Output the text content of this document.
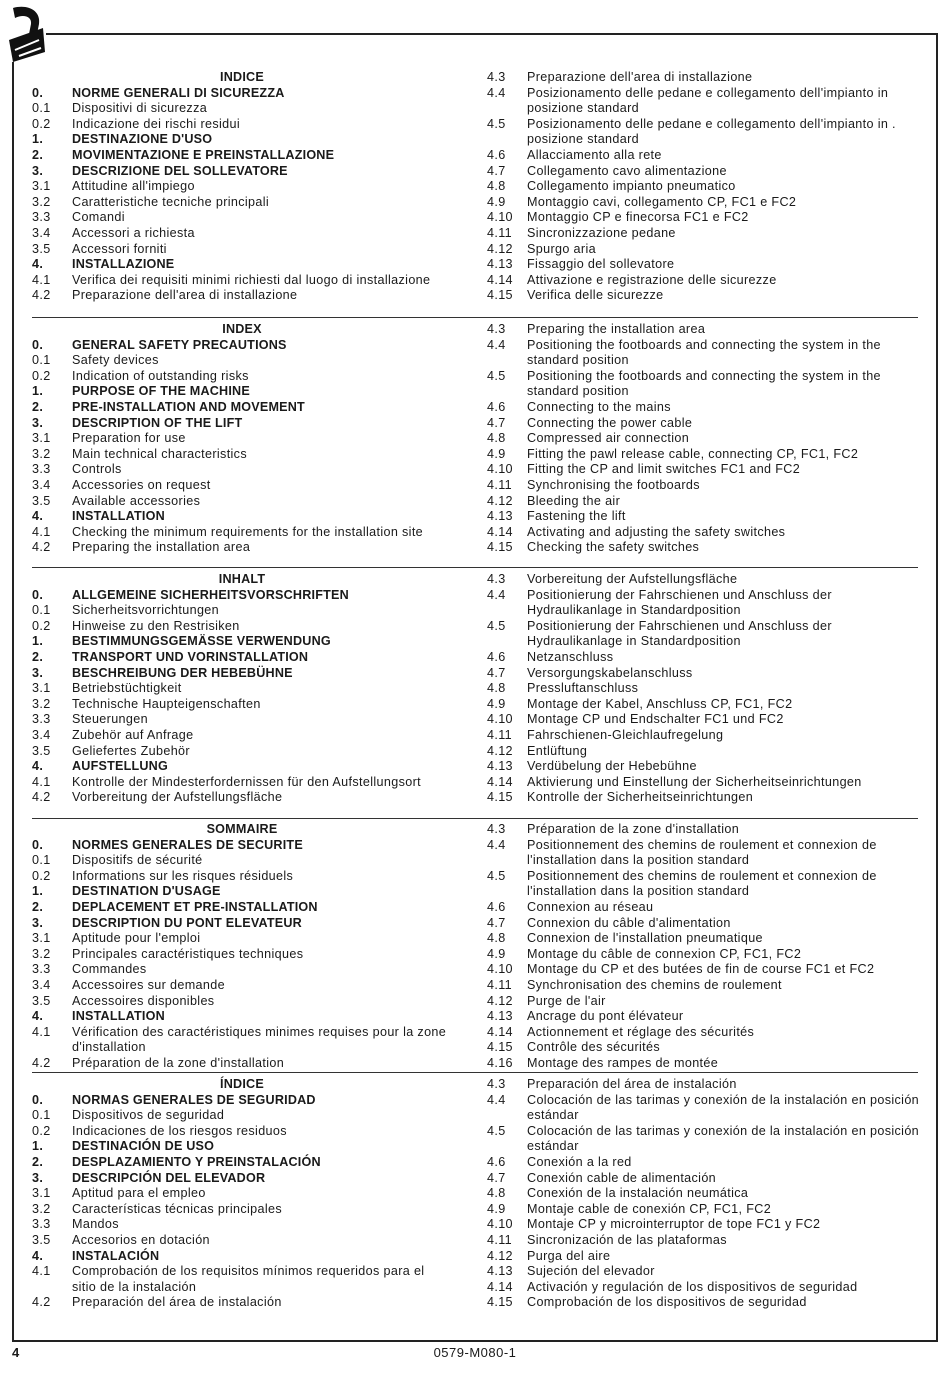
INDICE
0.	NORME GENERALI DI SICUREZZA
0.1	Dispositivi di sicurezza
0.2	Indicazione dei rischi residui
1.	DESTINAZIONE D'USO
2.	MOVIMENTAZIONE E PREINSTALLAZIONE
3.	DESCRIZIONE DEL SOLLEVATORE
3.1	Attitudine all'impiego
3.2	Caratteristiche tecniche principali
3.3	Comandi
3.4	Accessori a richiesta
3.5	Accessori forniti
4.	INSTALLAZIONE
4.1	Verifica dei requisiti minimi richiesti dal luogo di installazione
4.2	Preparazione dell'area di installazione
4.3	Preparazione dell'area di installazione
4.4	Posizionamento delle pedane e collegamento dell'impianto in posizione standard
4.5	Posizionamento delle pedane e collegamento dell'impianto in . posizione standard
4.6	Allacciamento alla rete
4.7	Collegamento cavo alimentazione
4.8	Collegamento impianto pneumatico
4.9	Montaggio cavi, collegamento CP, FC1 e FC2
4.10	Montaggio CP e finecorsa FC1 e FC2
4.11	Sincronizzazione pedane
4.12	Spurgo aria
4.13	Fissaggio del sollevatore
4.14	Attivazione e registrazione delle sicurezze
4.15	Verifica delle sicurezze
INDEX
0.	GENERAL SAFETY PRECAUTIONS
0.1	Safety devices
0.2	Indication of outstanding risks
1.	PURPOSE OF THE MACHINE
2.	PRE-INSTALLATION AND MOVEMENT
3.	DESCRIPTION OF THE LIFT
3.1	Preparation for use
3.2	Main technical characteristics
3.3	Controls
3.4	Accessories on request
3.5	Available accessories
4.	INSTALLATION
4.1	Checking the minimum requirements for the installation site
4.2	Preparing the installation area
4.3	Preparing the installation area
4.4	Positioning the footboards and connecting the system in the standard position
4.5	Positioning the footboards and connecting the system in the standard position
4.6	Connecting to the mains
4.7	Connecting the power cable
4.8	Compressed air connection
4.9	Fitting the pawl release cable, connecting CP, FC1, FC2
4.10	Fitting the CP and limit switches FC1 and FC2
4.11	Synchronising the footboards
4.12	Bleeding the air
4.13	Fastening the lift
4.14	Activating and adjusting the safety switches
4.15	Checking the safety switches
INHALT
0.	ALLGEMEINE SICHERHEITSVORSCHRIFTEN
0.1	Sicherheitsvorrichtungen
0.2	Hinweise zu den Restrisiken
1.	BESTIMMUNGSGEMÄSSE VERWENDUNG
2.	TRANSPORT UND VORINSTALLATION
3.	BESCHREIBUNG DER HEBEBÜHNE
3.1	Betriebstüchtigkeit
3.2	Technische Haupteigenschaften
3.3	Steuerungen
3.4	Zubehör auf Anfrage
3.5	Geliefertes Zubehör
4.	AUFSTELLUNG
4.1	Kontrolle der Mindesterfordernissen für den Aufstellungsort
4.2	Vorbereitung der Aufstellungsfläche
4.3	Vorbereitung der Aufstellungsfläche
4.4	Positionierung der Fahrschienen und Anschluss der Hydraulikanlage in Standardposition
4.5	Positionierung der Fahrschienen und Anschluss der Hydraulikanlage in Standardposition
4.6	Netzanschluss
4.7	Versorgungskabelanschluss
4.8	Pressluftanschluss
4.9	Montage der Kabel, Anschluss CP, FC1, FC2
4.10	Montage CP und Endschalter FC1 und FC2
4.11	Fahrschienen-Gleichlaufregelung
4.12	Entlüftung
4.13	Verdübelung der Hebebühne
4.14	Aktivierung und Einstellung der Sicherheitseinrichtungen
4.15	Kontrolle der Sicherheitseinrichtungen
SOMMAIRE
0.	NORMES GENERALES DE SECURITE
0.1	Dispositifs de sécurité
0.2	Informations sur les risques résiduels
1.	DESTINATION D'USAGE
2.	DEPLACEMENT ET PRE-INSTALLATION
3.	DESCRIPTION DU PONT ELEVATEUR
3.1	Aptitude pour l'emploi
3.2	Principales caractéristiques techniques
3.3	Commandes
3.4	Accessoires sur demande
3.5	Accessoires disponibles
4.	INSTALLATION
4.1	Vérification des caractéristiques minimes requises pour la zone d'installation
4.2	Préparation de la zone d'installation
4.3	Préparation de la zone d'installation
4.4	Positionnement des chemins de roulement et connexion de l'installation dans la position standard
4.5	Positionnement des chemins de roulement et connexion de l'installation dans la position standard
4.6	Connexion au réseau
4.7	Connexion du câble d'alimentation
4.8	Connexion de l'installation pneumatique
4.9	Montage du câble de connexion CP, FC1, FC2
4.10	Montage du CP et des butées de fin de course FC1 et FC2
4.11	Synchronisation des chemins de roulement
4.12	Purge de l'air
4.13	Ancrage du pont élévateur
4.14	Actionnement et réglage des sécurités
4.15	Contrôle des sécurités
4.16	Montage des rampes de montée
ÍNDICE
0.	NORMAS GENERALES DE SEGURIDAD
0.1	Dispositivos de seguridad
0.2	Indicaciones de los riesgos residuos
1.	DESTINACIÓN DE USO
2.	DESPLAZAMIENTO Y PREINSTALACIÓN
3.	DESCRIPCIÓN DEL ELEVADOR
3.1	Aptitud para el empleo
3.2	Características técnicas principales
3.3	Mandos
3.5	Accesorios en dotación
4.	INSTALACIÓN
4.1	Comprobación de los requisitos mínimos requeridos para el sitio de la instalación
4.2	Preparación del área de instalación
4.3	Preparación del área de instalación
4.4	Colocación de las tarimas y conexión de la instalación en posición estándar
4.5	Colocación de las tarimas y conexión de la instalación en posición estándar
4.6	Conexión a la red
4.7	Conexión cable de alimentación
4.8	Conexión de la instalación neumática
4.9	Montaje cable de conexión CP, FC1, FC2
4.10	Montaje CP y microinterruptor de tope FC1 y FC2
4.11	Sincronización de las plataformas
4.12	Purga del aire
4.13	Sujeción del elevador
4.14	Activación y regulación de los dispositivos de seguridad
4.15	Comprobación de los dispositivos de seguridad
4	0579-M080-1
